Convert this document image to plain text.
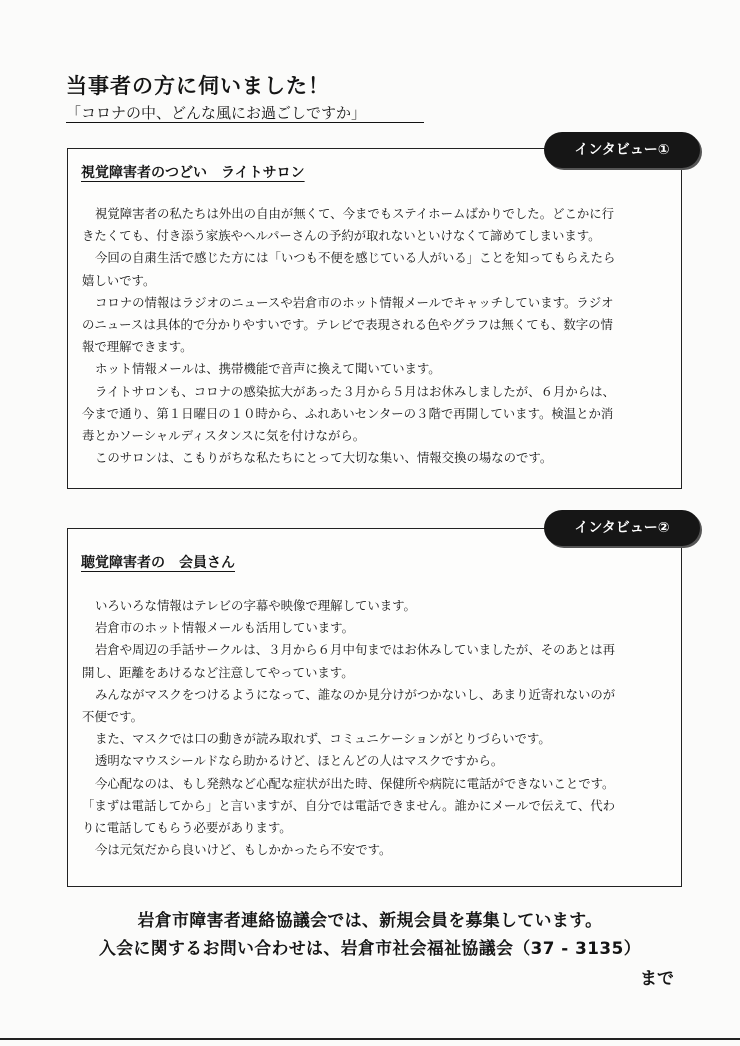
当事者の方に伺いました！
「コロナの中、どんな風にお過ごしですか」
視覚障害者のつどい　ライトサロン
視覚障害者の私たちは外出の自由が無くて、今までもステイホームばかりでした。どこかに行
きたくても、付き添う家族やヘルパーさんの予約が取れないといけなくて諦めてしまいます。
今回の自粛生活で感じた方には「いつも不便を感じている人がいる」ことを知ってもらえたら
嬉しいです。
コロナの情報はラジオのニュースや岩倉市のホット情報メールでキャッチしています。ラジオ
のニュースは具体的で分かりやすいです。テレビで表現される色やグラフは無くても、数字の情
報で理解できます。
ホット情報メールは、携帯機能で音声に換えて聞いています。
ライトサロンも、コロナの感染拡大があった３月から５月はお休みしましたが、６月からは、
今まで通り、第１日曜日の１０時から、ふれあいセンターの３階で再開しています。検温とか消
毒とかソーシャルディスタンスに気を付けながら。
このサロンは、こもりがちな私たちにとって大切な集い、情報交換の場なのです。
インタビュー①
聴覚障害者の　会員さん
いろいろな情報はテレビの字幕や映像で理解しています。
岩倉市のホット情報メールも活用しています。
岩倉や周辺の手話サークルは、３月から６月中旬まではお休みしていましたが、そのあとは再
開し、距離をあけるなど注意してやっています。
みんながマスクをつけるようになって、誰なのか見分けがつかないし、あまり近寄れないのが
不便です。
また、マスクでは口の動きが読み取れず、コミュニケーションがとりづらいです。
透明なマウスシールドなら助かるけど、ほとんどの人はマスクですから。
今心配なのは、もし発熱など心配な症状が出た時、保健所や病院に電話ができないことです。
「まずは電話してから」と言いますが、自分では電話できません。誰かにメールで伝えて、代わ
りに電話してもらう必要があります。
今は元気だから良いけど、もしかかったら不安です。
インタビュー②
岩倉市障害者連絡協議会では、新規会員を募集しています。
入会に関するお問い合わせは、岩倉市社会福祉協議会（37 - 3135）
まで
